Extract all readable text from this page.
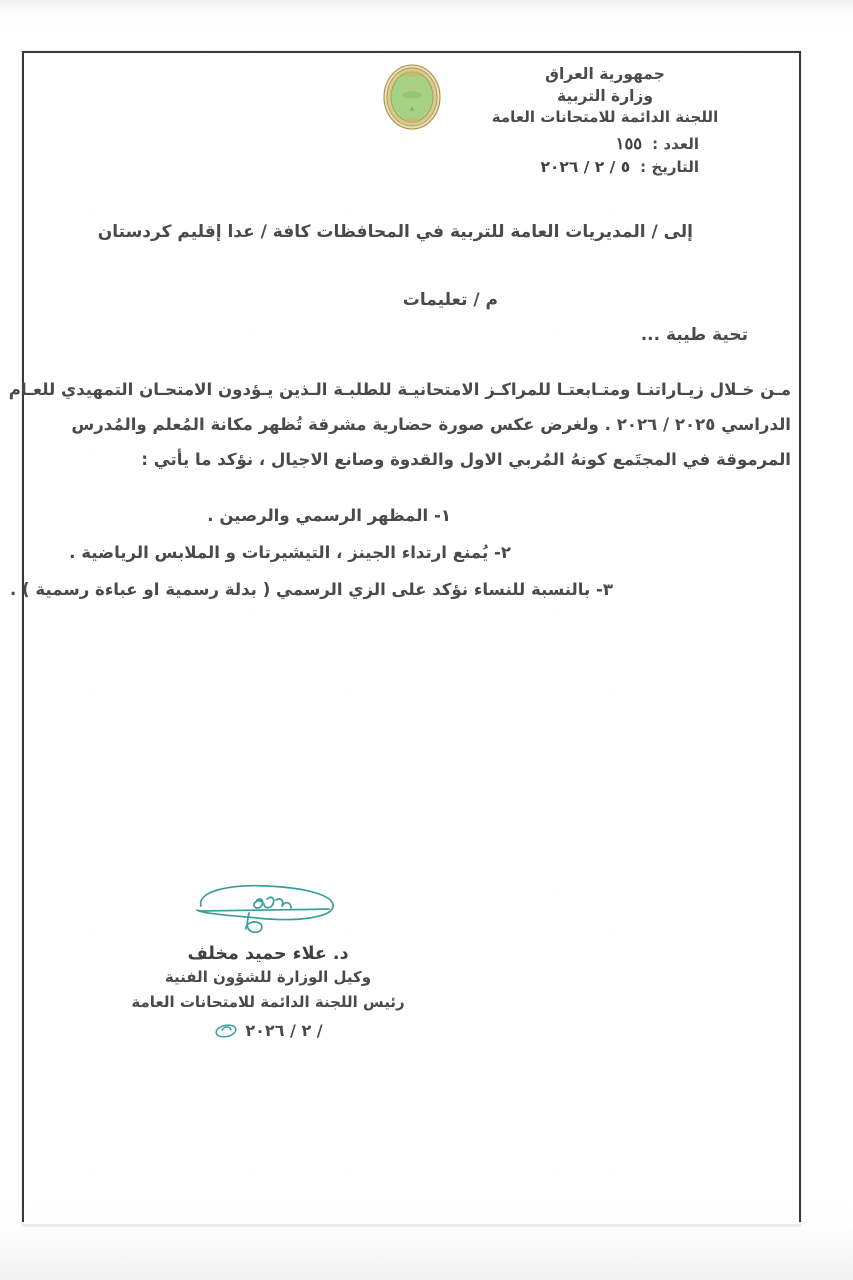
جمهورية العراق
وزارة التربية
اللجنة الدائمة للامتحانات العامة
العدد :
١٥٥
التاريخ :
٥ / ٢ / ٢٠٢٦
إلى / المديريات العامة للتربية في المحافظات كافة / عدا إقليم كردستان
م / تعليمات
تحية طيبة ...
مـن خـلال زيـاراتنـا ومتـابعتـا للمراكـز الامتحانيـة للطلبـة الـذين يـؤدون الامتحـان التمهيدي للعـام
الدراسي ٢٠٢٥ / ٢٠٢٦ . ولغرض عكس صورة حضارية مشرقة تُظهر مكانة المُعلم والمُدرس
المرموقة في المجتَمع كونهُ المُربي الاول والقدوة وصانع الاجيال ، نؤكد ما يأتي :
١- المظهر الرسمي والرصين .
٢- يُمنع ارتداء الجينز ، التيشيرتات و الملابس الرياضية .
٣- بالنسبة للنساء نؤكد على الزي الرسمي ( بدلة رسمية او عباءة رسمية ) .
د. علاء حميد مخلف
وكيل الوزارة للشؤون الفنية
رئيس اللجنة الدائمة للامتحانات العامة
/ ٢ / ٢٠٢٦
